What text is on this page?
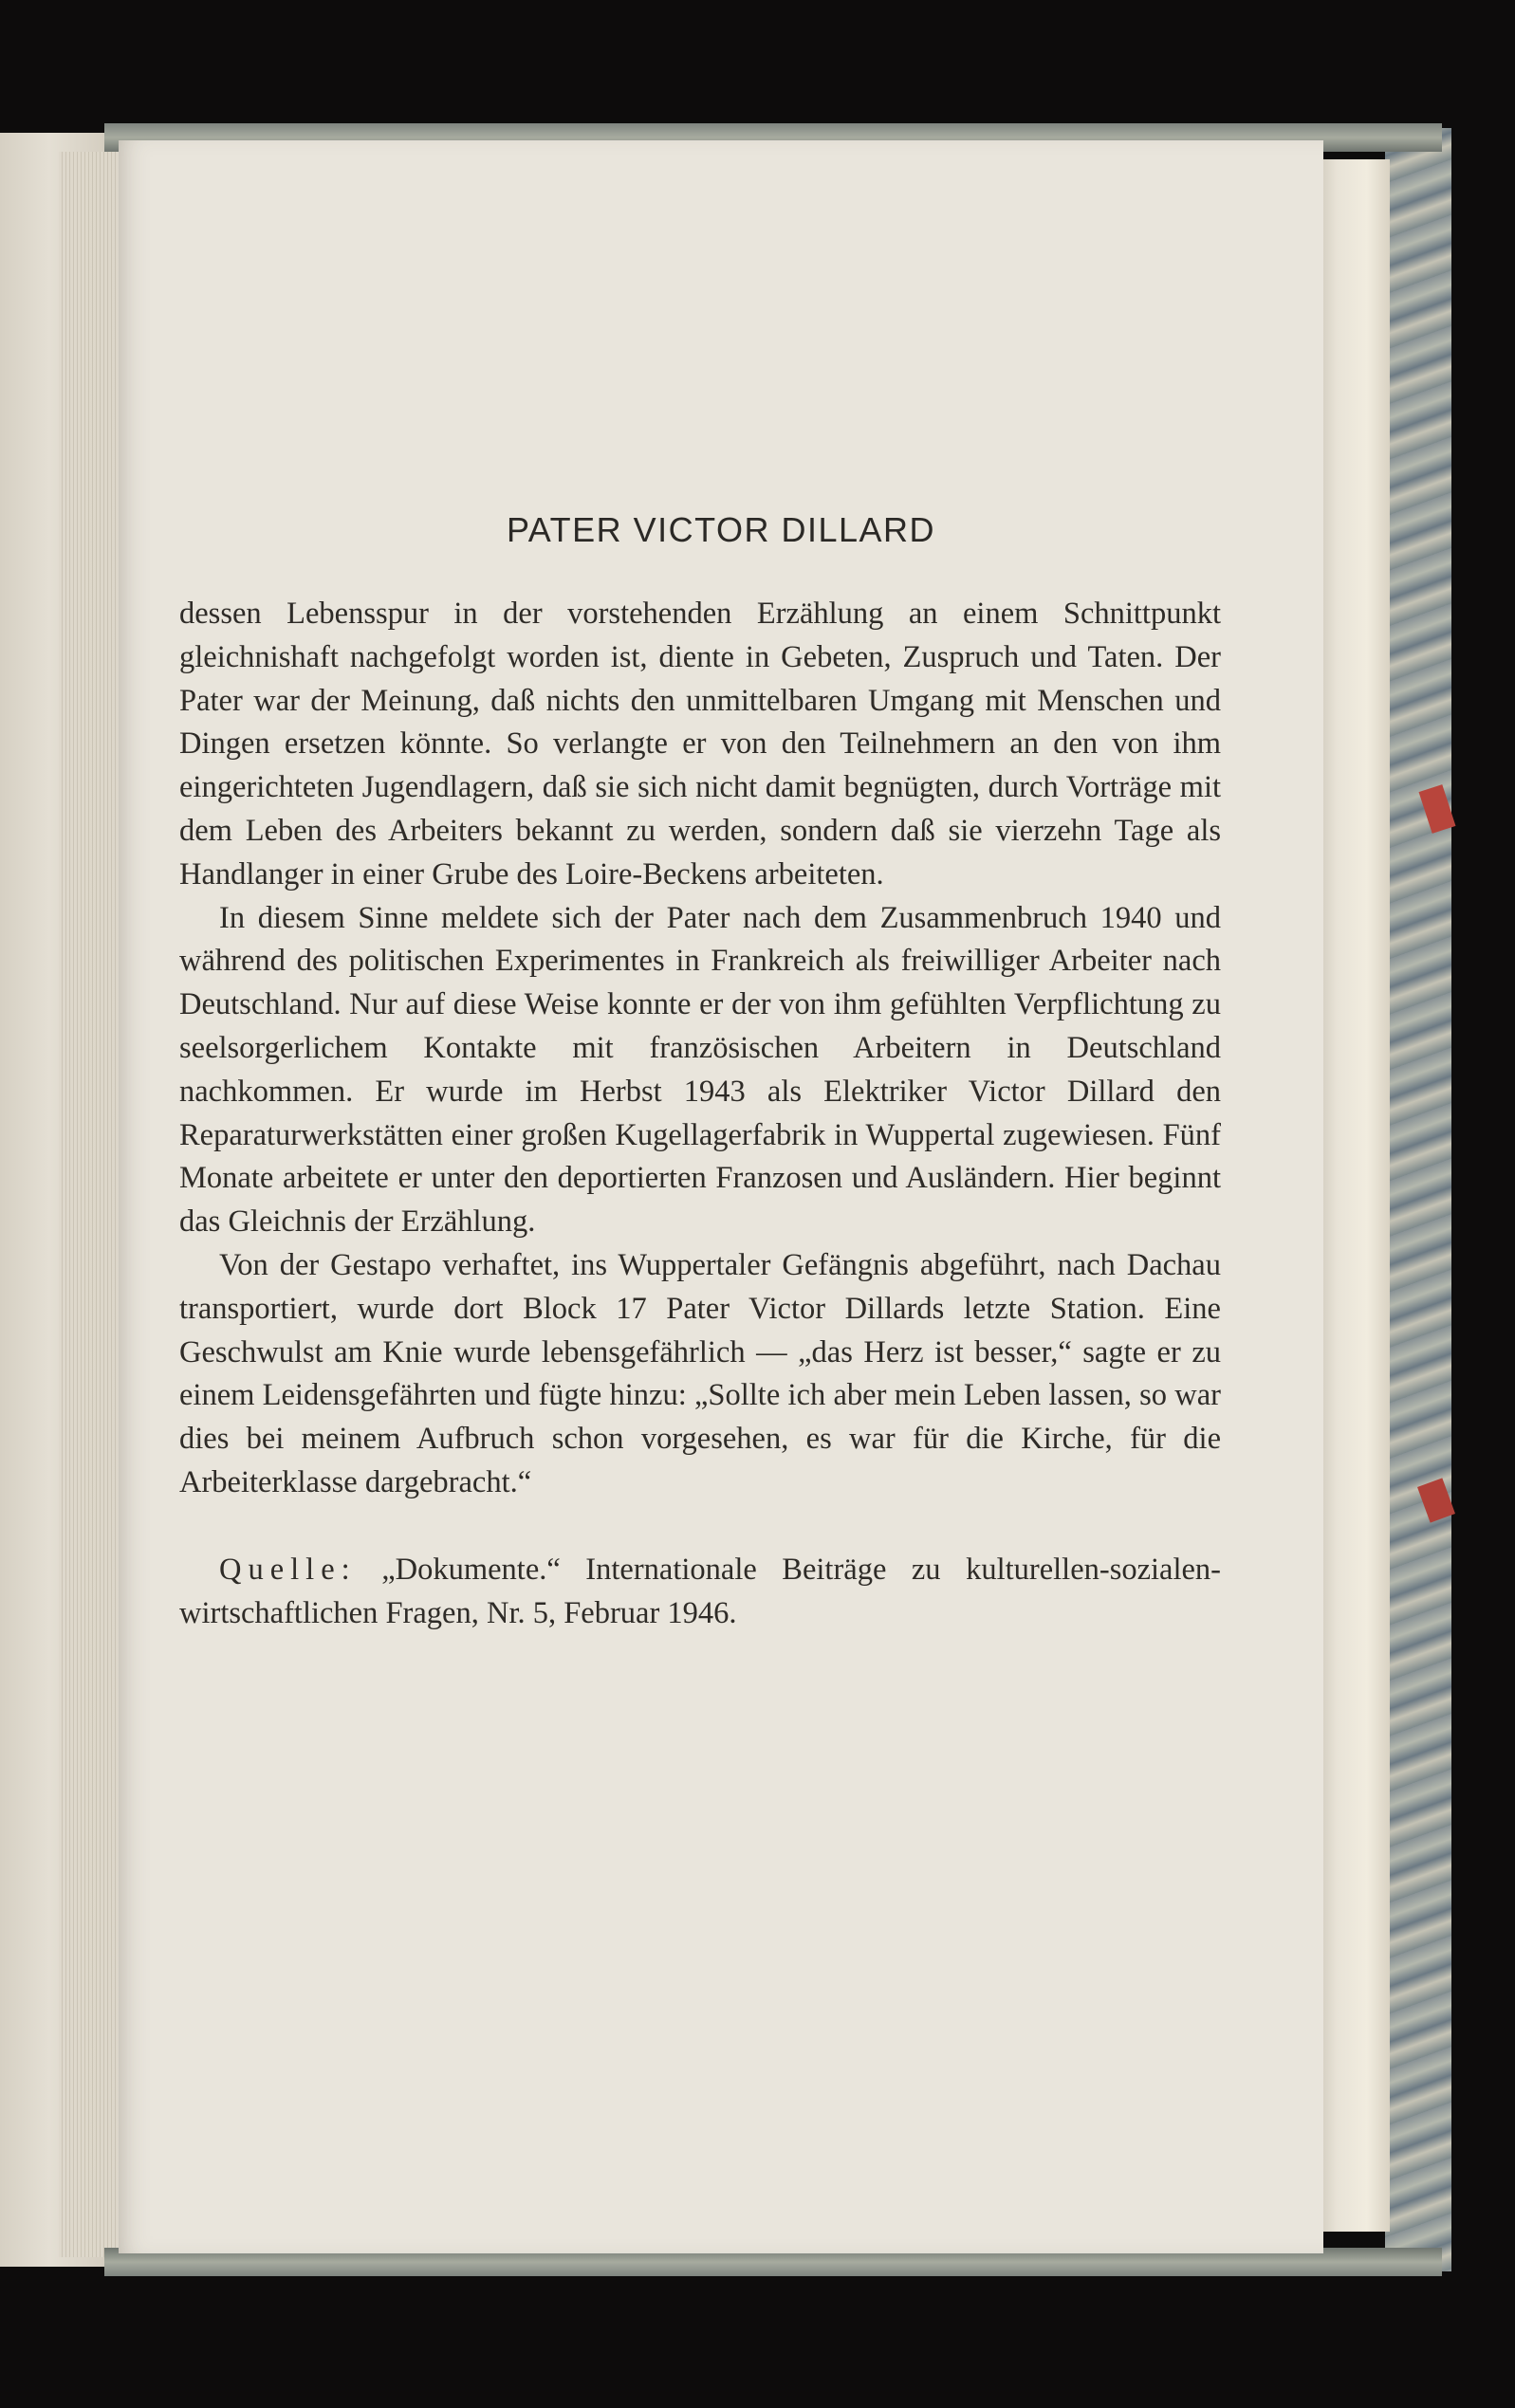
PATER VICTOR DILLARD

dessen Lebensspur in der vorstehenden Erzählung an einem Schnittpunkt gleichnishaft nachgefolgt worden ist, diente in Gebeten, Zuspruch und Taten. Der Pater war der Meinung, daß nichts den unmittelbaren Umgang mit Menschen und Dingen ersetzen könnte. So verlangte er von den Teilnehmern an den von ihm eingerichteten Jugendlagern, daß sie sich nicht damit begnügten, durch Vorträge mit dem Leben des Arbeiters bekannt zu werden, sondern daß sie vierzehn Tage als Handlanger in einer Grube des Loire-Beckens arbeiteten.

In diesem Sinne meldete sich der Pater nach dem Zusammenbruch 1940 und während des politischen Experimentes in Frankreich als freiwilliger Arbeiter nach Deutschland. Nur auf diese Weise konnte er der von ihm gefühlten Verpflichtung zu seelsorgerlichem Kontakte mit französischen Arbeitern in Deutschland nachkommen. Er wurde im Herbst 1943 als Elektriker Victor Dillard den Reparaturwerkstätten einer großen Kugellagerfabrik in Wuppertal zugewiesen. Fünf Monate arbeitete er unter den deportierten Franzosen und Ausländern. Hier beginnt das Gleichnis der Erzählung.

Von der Gestapo verhaftet, ins Wuppertaler Gefängnis abgeführt, nach Dachau transportiert, wurde dort Block 17 Pater Victor Dillards letzte Station. Eine Geschwulst am Knie wurde lebensgefährlich — „das Herz ist besser,“ sagte er zu einem Leidensgefährten und fügte hinzu: „Sollte ich aber mein Leben lassen, so war dies bei meinem Aufbruch schon vorgesehen, es war für die Kirche, für die Arbeiterklasse dargebracht.“

Quelle: „Dokumente.“ Internationale Beiträge zu kulturellen-sozialen-wirtschaftlichen Fragen, Nr. 5, Februar 1946.
